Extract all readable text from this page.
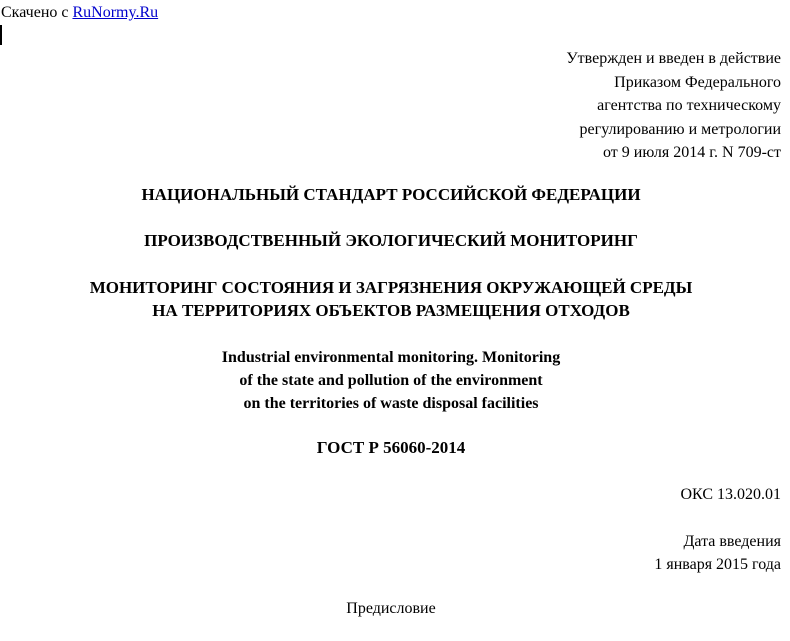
Скачено с RuNormy.Ru
Утвержден и введен в действие
Приказом Федерального
агентства по техническому
регулированию и метрологии
от 9 июля 2014 г. N 709-ст
НАЦИОНАЛЬНЫЙ СТАНДАРТ РОССИЙСКОЙ ФЕДЕРАЦИИ
ПРОИЗВОДСТВЕННЫЙ ЭКОЛОГИЧЕСКИЙ МОНИТОРИНГ
МОНИТОРИНГ СОСТОЯНИЯ И ЗАГРЯЗНЕНИЯ ОКРУЖАЮЩЕЙ СРЕДЫ
НА ТЕРРИТОРИЯХ ОБЪЕКТОВ РАЗМЕЩЕНИЯ ОТХОДОВ
Industrial environmental monitoring. Monitoring
of the state and pollution of the environment
on the territories of waste disposal facilities
ГОСТ Р 56060-2014
ОКС 13.020.01
Дата введения
1 января 2015 года
Предисловие
